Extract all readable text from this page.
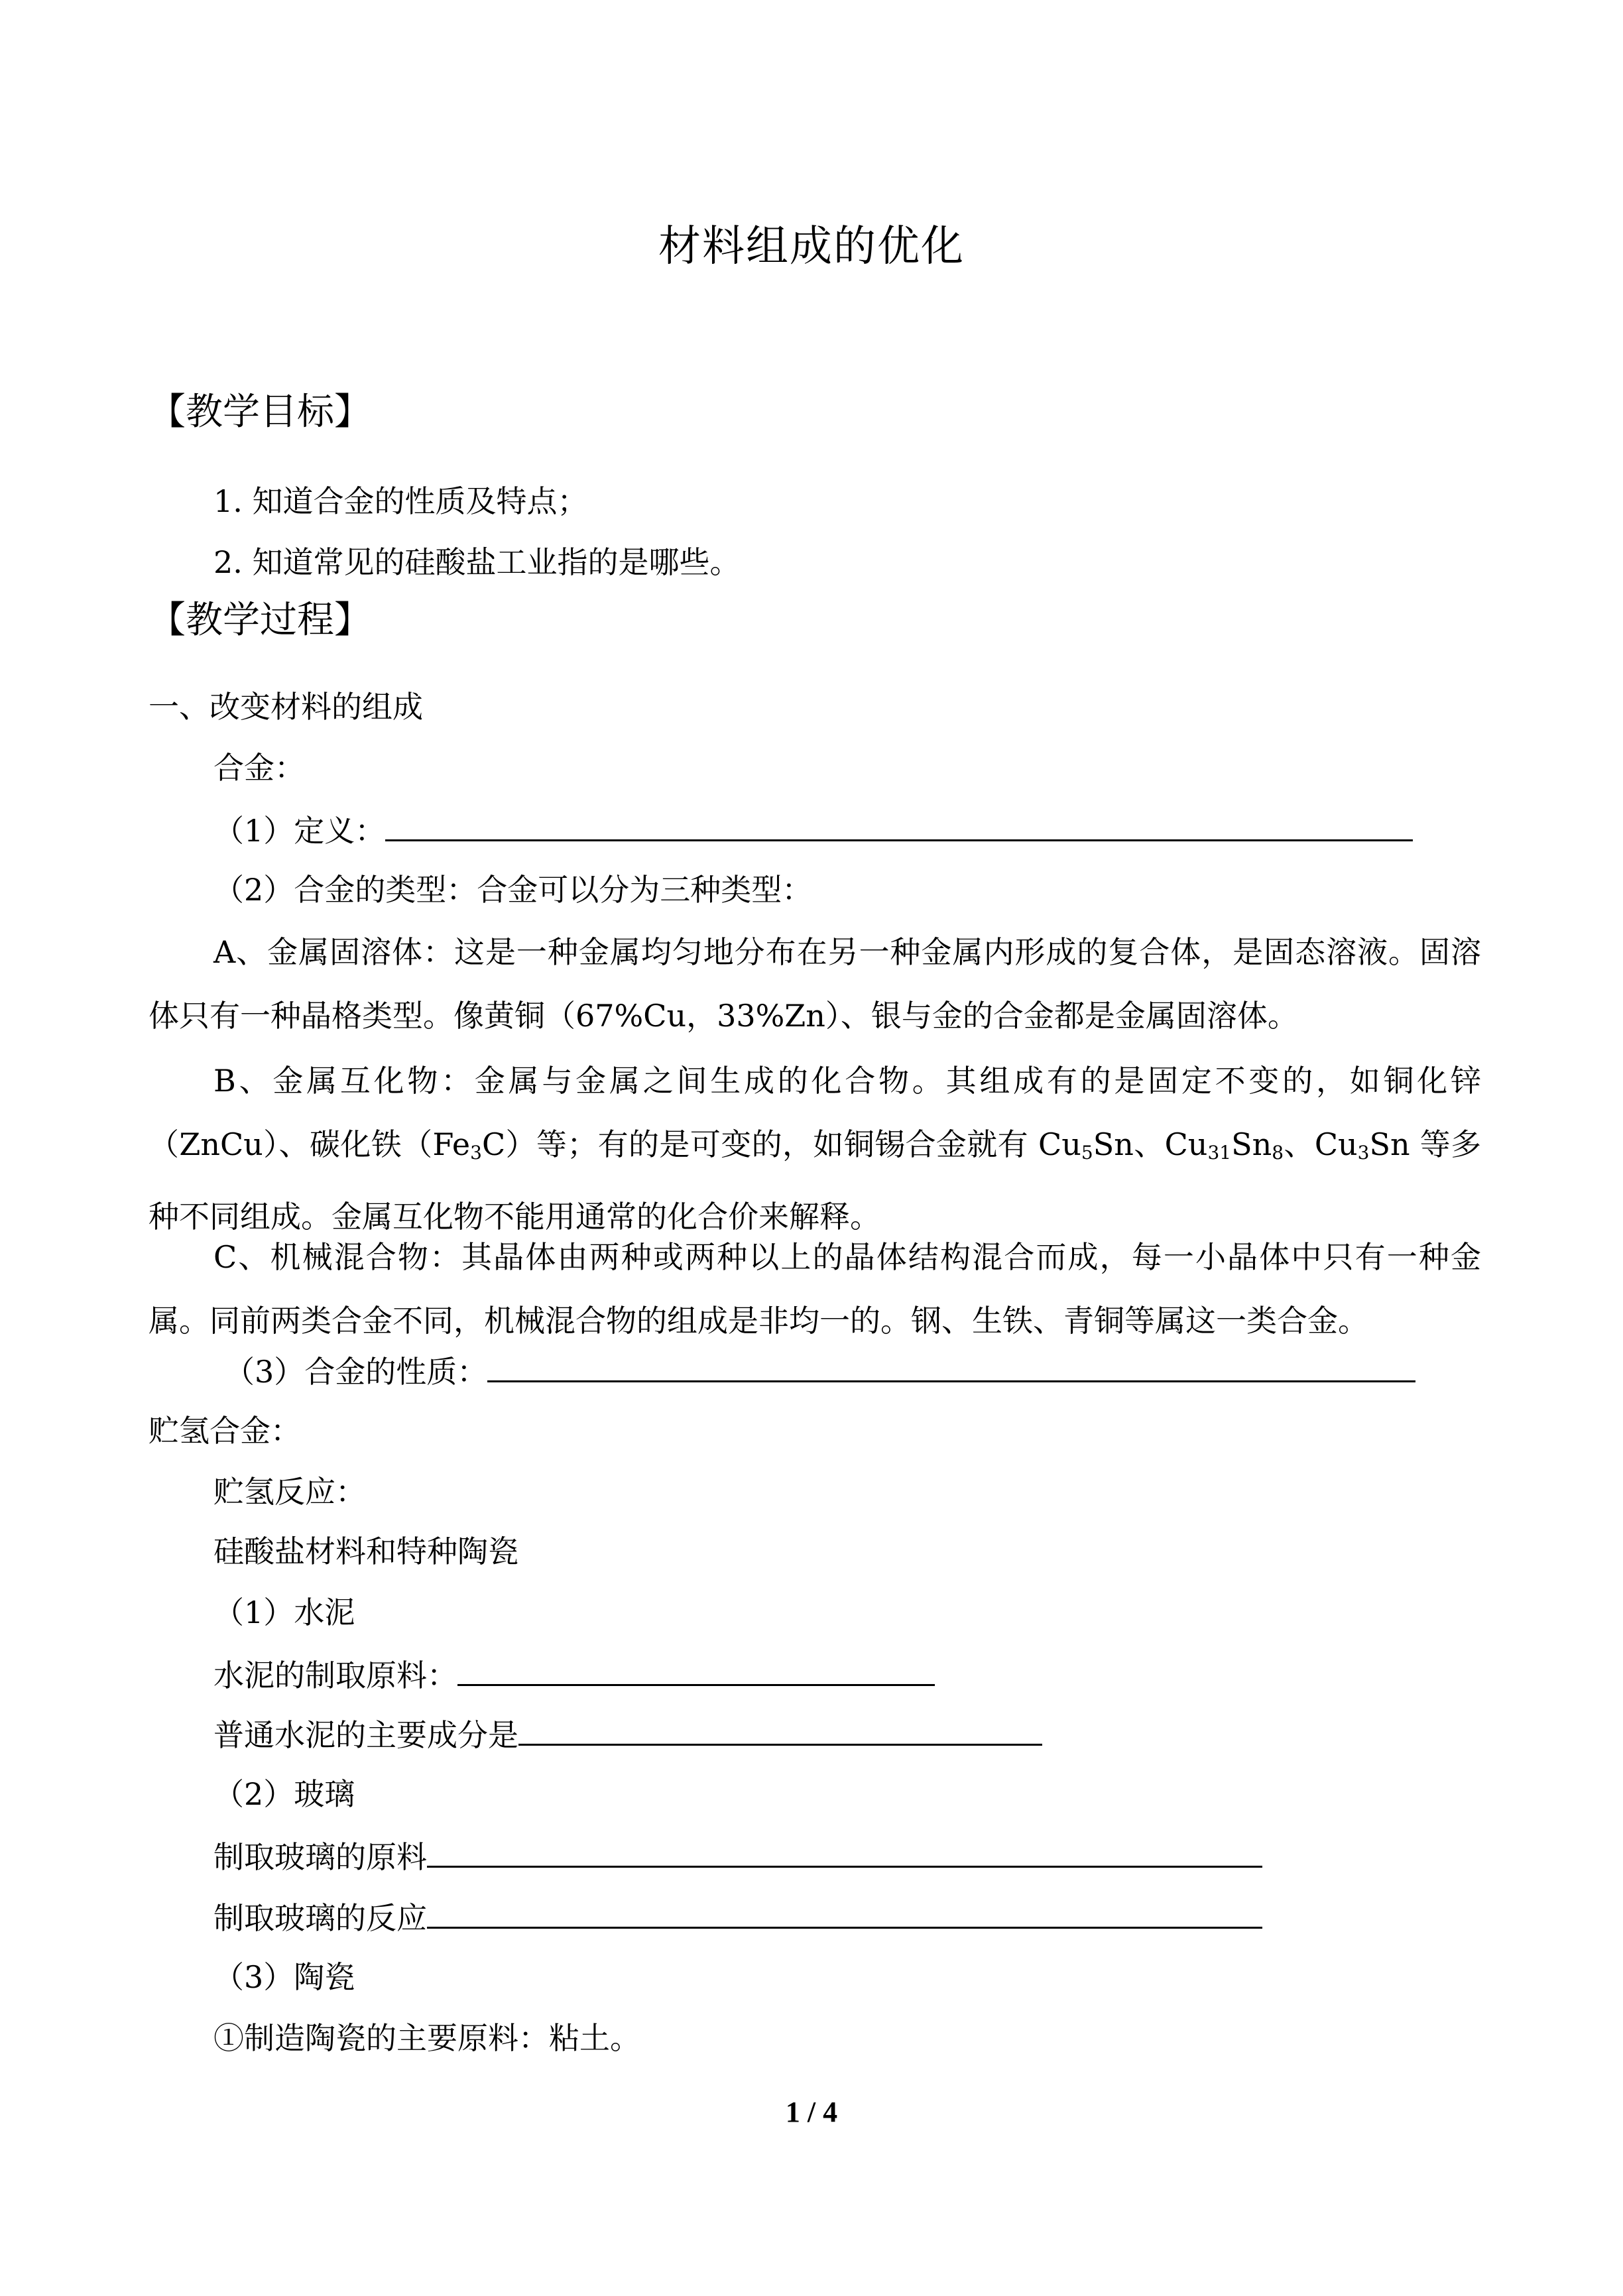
材料组成的优化
【教学目标】
1. 知道合金的性质及特点；
2. 知道常见的硅酸盐工业指的是哪些。
【教学过程】
一、改变材料的组成
合金：
（1）定义：
（2）合金的类型：合金可以分为三种类型：

A、金属固溶体：这是一种金属均匀地分布在另一种金属内形成的复合体，是固态溶液。固溶体只有一种晶格类型。像黄铜（67%Cu，33%Zn）、银与金的合金都是金属固溶体。

B、金属互化物：金属与金属之间生成的化合物。其组成有的是固定不变的，如铜化锌（ZnCu）、碳化铁$(Fe_3C)$等；有的是可变的，如铜锡合金就有 $Cu_5Sn$、$Cu_{31}Sn_8$、$Cu_3Sn$ 等多种不同组成。金属互化物不能用通常的化合价来解释。

C、机械混合物：其晶体由两种或两种以上的晶体结构混合而成，每一小晶体中只有一种金属。同前两类合金不同，机械混合物的组成是非均一的。钢、生铁、青铜等属这一类合金。

（3）合金的性质：
贮氢合金：
贮氢反应：
硅酸盐材料和特种陶瓷
（1）水泥
水泥的制取原料：
普通水泥的主要成分是
（2）玻璃
制取玻璃的原料
制取玻璃的反应
（3）陶瓷
①制造陶瓷的主要原料：粘土。
1 / 4
